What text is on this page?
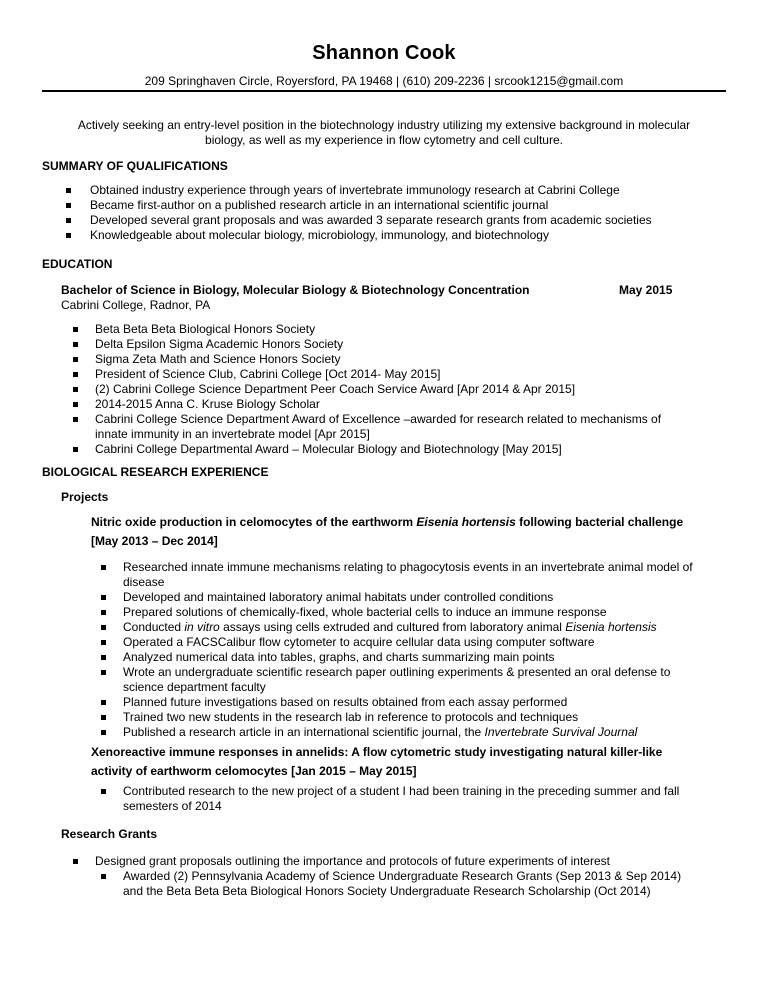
Shannon Cook
209 Springhaven Circle, Royersford, PA 19468 | (610) 209-2236 | srcook1215@gmail.com
Actively seeking an entry-level position in the biotechnology industry utilizing my extensive background in molecular
biology, as well as my experience in flow cytometry and cell culture.
SUMMARY OF QUALIFICATIONS
Obtained industry experience through years of invertebrate immunology research at Cabrini College
Became first-author on a published research article in an international scientific journal
Developed several grant proposals and was awarded 3 separate research grants from academic societies
Knowledgeable about molecular biology, microbiology, immunology, and biotechnology
EDUCATION
Bachelor of Science in Biology, Molecular Biology & Biotechnology Concentration	May 2015
Cabrini College, Radnor, PA
Beta Beta Beta Biological Honors Society
Delta Epsilon Sigma Academic Honors Society
Sigma Zeta Math and Science Honors Society
President of Science Club, Cabrini College [Oct 2014- May 2015]
(2) Cabrini College Science Department Peer Coach Service Award [Apr 2014 & Apr 2015]
2014-2015 Anna C. Kruse Biology Scholar
Cabrini College Science Department Award of Excellence –awarded for research related to mechanisms of
innate immunity in an invertebrate model [Apr 2015]
Cabrini College Departmental Award – Molecular Biology and Biotechnology [May 2015]
BIOLOGICAL RESEARCH EXPERIENCE
Projects
Nitric oxide production in celomocytes of the earthworm Eisenia hortensis following bacterial challenge
[May 2013 – Dec 2014]
Researched innate immune mechanisms relating to phagocytosis events in an invertebrate animal model of
disease
Developed and maintained laboratory animal habitats under controlled conditions
Prepared solutions of chemically-fixed, whole bacterial cells to induce an immune response
Conducted in vitro assays using cells extruded and cultured from laboratory animal Eisenia hortensis
Operated a FACSCalibur flow cytometer to acquire cellular data using computer software
Analyzed numerical data into tables, graphs, and charts summarizing main points
Wrote an undergraduate scientific research paper outlining experiments & presented an oral defense to
science department faculty
Planned future investigations based on results obtained from each assay performed
Trained two new students in the research lab in reference to protocols and techniques
Published a research article in an international scientific journal, the Invertebrate Survival Journal
Xenoreactive immune responses in annelids: A flow cytometric study investigating natural killer-like
activity of earthworm celomocytes [Jan 2015 – May 2015]
Contributed research to the new project of a student I had been training in the preceding summer and fall
semesters of 2014
Research Grants
Designed grant proposals outlining the importance and protocols of future experiments of interest
Awarded (2) Pennsylvania Academy of Science Undergraduate Research Grants (Sep 2013 & Sep 2014)
and the Beta Beta Beta Biological Honors Society Undergraduate Research Scholarship (Oct 2014)
